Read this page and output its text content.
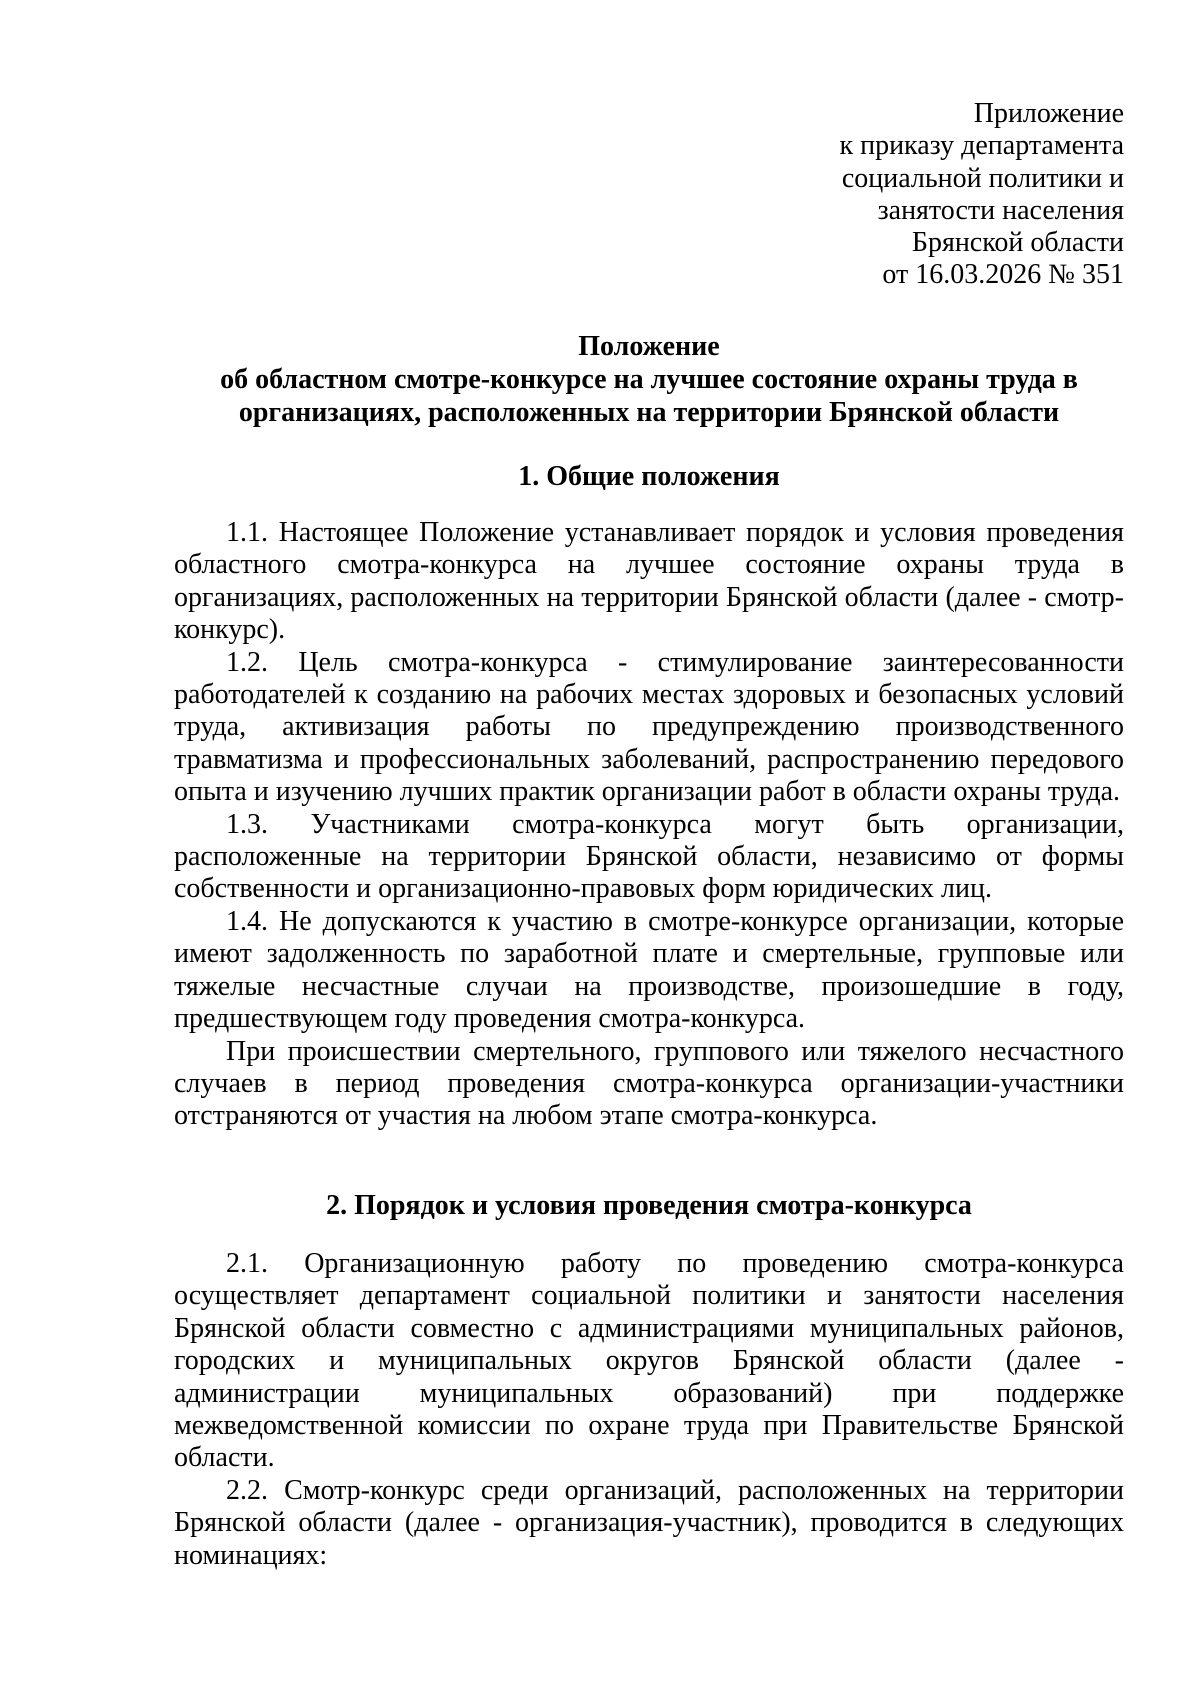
Приложение
к приказу департамента
социальной политики и
занятости населения
Брянской области
от 16.03.2026 № 351
Положение
об областном смотре-конкурсе на лучшее состояние охраны труда в
организациях, расположенных на территории Брянской области
1. Общие положения

1.1. Настоящее Положение устанавливает порядок и условия проведения областного смотра-конкурса на лучшее состояние охраны труда в организациях, расположенных на территории Брянской области (далее - смотр-конкурс).

1.2. Цель смотра-конкурса - стимулирование заинтересованности работодателей к созданию на рабочих местах здоровых и безопасных условий труда, активизация работы по предупреждению производственного травматизма и профессиональных заболеваний, распространению передового опыта и изучению лучших практик организации работ в области охраны труда.

1.3. Участниками смотра-конкурса могут быть организации, расположенные на территории Брянской области, независимо от формы собственности и организационно-правовых форм юридических лиц.

1.4. Не допускаются к участию в смотре-конкурсе организации, которые имеют задолженность по заработной плате и смертельные, групповые или тяжелые несчастные случаи на производстве, произошедшие в году, предшествующем году проведения смотра-конкурса.

При происшествии смертельного, группового или тяжелого несчастного случаев в период проведения смотра-конкурса организации-участники отстраняются от участия на любом этапе смотра-конкурса.

2. Порядок и условия проведения смотра-конкурса

2.1. Организационную работу по проведению смотра-конкурса осуществляет департамент социальной политики и занятости населения Брянской области совместно с администрациями муниципальных районов, городских и муниципальных округов Брянской области (далее - администрации муниципальных образований) при поддержке межведомственной комиссии по охране труда при Правительстве Брянской области.

2.2. Смотр-конкурс среди организаций, расположенных на территории Брянской области (далее - организация-участник), проводится в следующих номинациях:
